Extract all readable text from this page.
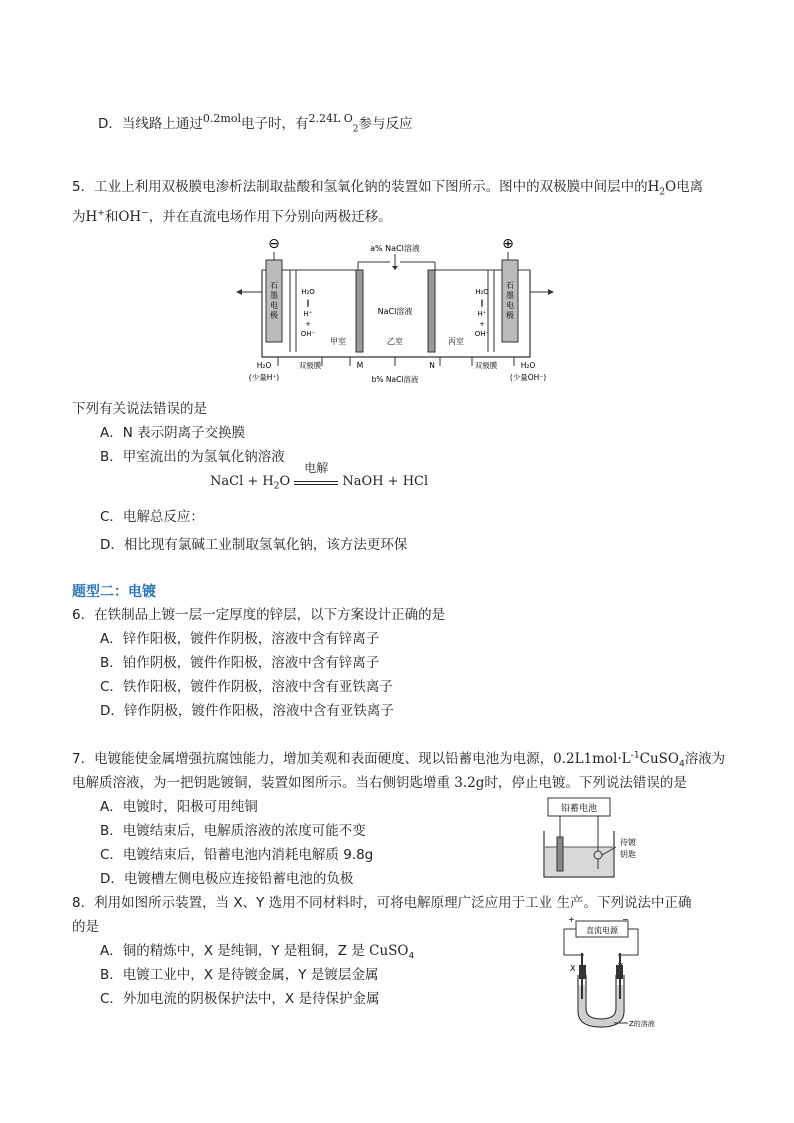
D．当线路上通过$^{0.2mol}$电子时，有$^{2.24L O}_2$参与反应
5．工业上利用双极膜电渗析法制取盐酸和氢氧化钠的装置如下图所示。图中的双极膜中间层中的$H_2O$电离
为H+和OH−，并在直流电场作用下分别向两极迁移。
⊖	⊕
a% NaCl溶液
石
墨
电
极
石
墨
电
极
H₂O
‖
H⁺
+
OH⁻
H₂O
‖
H⁺
+
OH⁻
NaCl溶液
甲室	乙室	丙室
双极膜	M	N	双极膜
b% NaCl溶液
H₂O
(少量H⁺)
H₂O
(少量OH⁻)
下列有关说法错误的是
A．N 表示阴离子交换膜
B．甲室流出的为氢氧化钠溶液
NaCl + $H_2O$
电解
NaOH + HCl
C．电解总反应：
D．相比现有氯碱工业制取氢氧化钠，该方法更环保
题型二：电镀
6．在铁制品上镀一层一定厚度的锌层，以下方案设计正确的是
A．锌作阳极，镀件作阴极，溶液中含有锌离子
B．铂作阴极，镀件作阳极，溶液中含有锌离子
C．铁作阳极，镀件作阴极，溶液中含有亚铁离子
D．锌作阴极，镀件作阳极，溶液中含有亚铁离子
7．电镀能使金属增强抗腐蚀能力，增加美观和表面硬度、现以铅蓄电池为电源，$0.2L1mol\cdot L^{-1}CuSO_4$溶液为
电解质溶液，为一把钥匙镀铜，装置如图所示。当右侧钥匙增重 3.2g时，停止电镀。下列说法错误的是
A．电镀时，阳极可用纯铜
B．电镀结束后，电解质溶液的浓度可能不变
C．电镀结束后，铅蓄电池内消耗电解质 9.8g
D．电镀槽左侧电极应连接铅蓄电池的负极
铅蓄电池
待镀
钥匙
8．利用如图所示装置，当 X、Y 选用不同材料时，可将电解原理广泛应用于工业 生产。下列说法中正确
的是
A．铜的精炼中，X 是纯铜，Y 是粗铜，Z 是 CuSO$_4$
B．电镀工业中，X 是待镀金属，Y 是镀层金属
C．外加电流的阴极保护法中，X 是待保护金属
+	−
直流电源
X
Z的溶液
